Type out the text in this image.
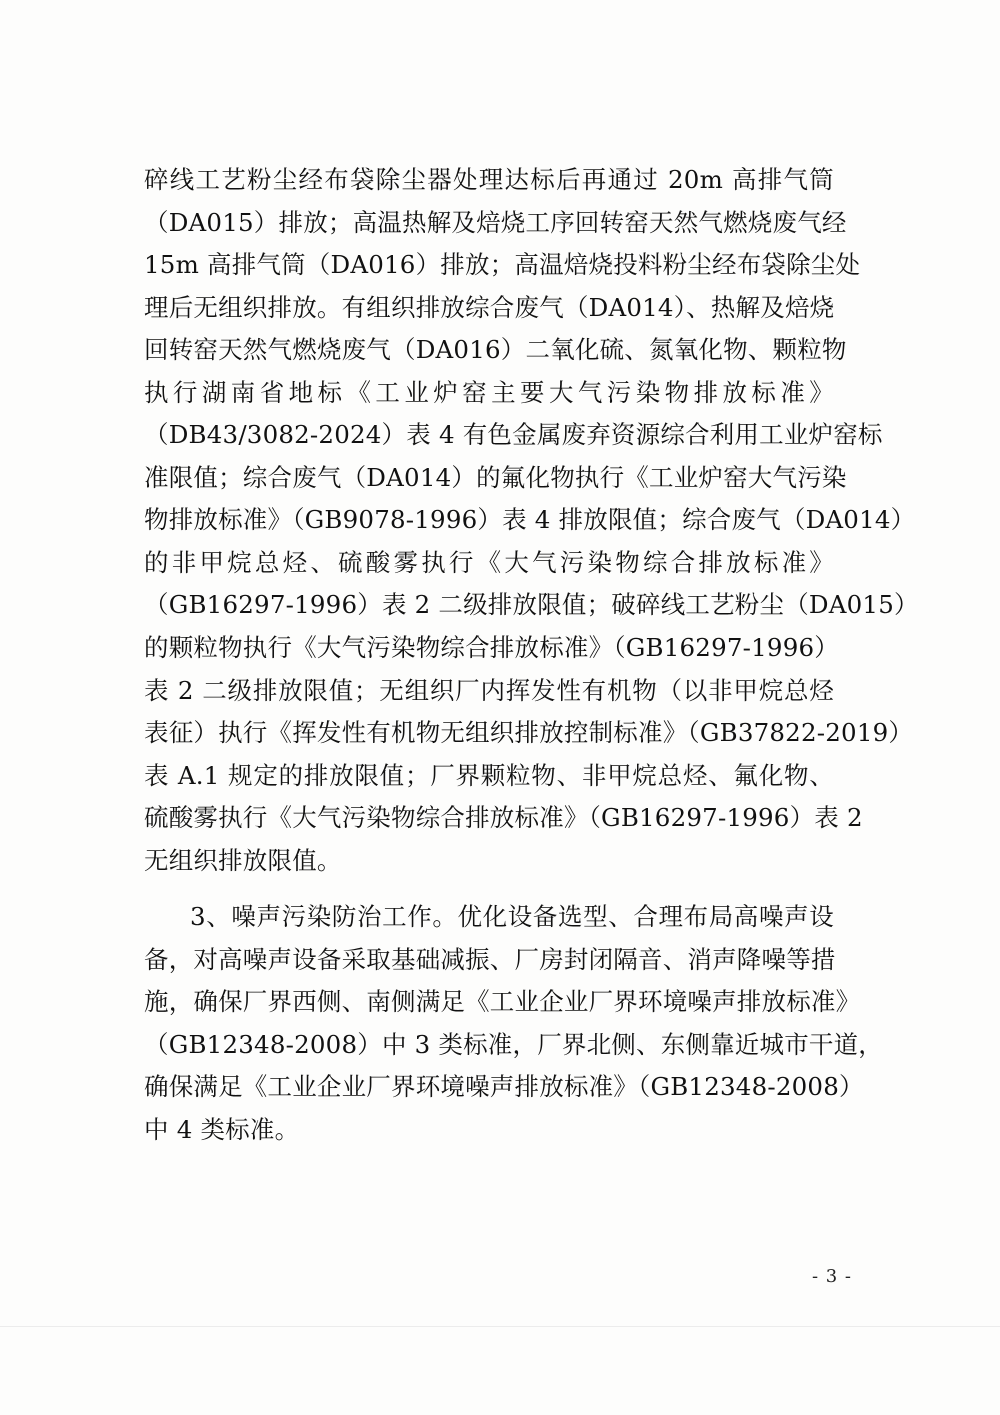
碎线工艺粉尘经布袋除尘器处理达标后再通过 20m 高排气筒
（DA015）排放；高温热解及焙烧工序回转窑天然气燃烧废气经
15m 高排气筒（DA016）排放；高温焙烧投料粉尘经布袋除尘处
理后无组织排放。有组织排放综合废气（DA014）、热解及焙烧
回转窑天然气燃烧废气（DA016）二氧化硫、氮氧化物、颗粒物
执行湖南省地标《工业炉窑主要大气污染物排放标准》
（DB43/3082-2024）表 4 有色金属废弃资源综合利用工业炉窑标
准限值；综合废气（DA014）的氟化物执行《工业炉窑大气污染
物排放标准》（GB9078-1996）表 4 排放限值；综合废气（DA014）
的非甲烷总烃、硫酸雾执行《大气污染物综合排放标准》
（GB16297-1996）表 2 二级排放限值；破碎线工艺粉尘（DA015）
的颗粒物执行《大气污染物综合排放标准》（GB16297-1996）
表 2 二级排放限值；无组织厂内挥发性有机物（以非甲烷总烃
表征）执行《挥发性有机物无组织排放控制标准》（GB37822-2019）
表 A.1 规定的排放限值；厂界颗粒物、非甲烷总烃、氟化物、
硫酸雾执行《大气污染物综合排放标准》（GB16297-1996）表 2
无组织排放限值。
3、噪声污染防治工作。优化设备选型、合理布局高噪声设
备，对高噪声设备采取基础减振、厂房封闭隔音、消声降噪等措
施，确保厂界西侧、南侧满足《工业企业厂界环境噪声排放标准》
（GB12348-2008）中 3 类标准，厂界北侧、东侧靠近城市干道，
确保满足《工业企业厂界环境噪声排放标准》（GB12348-2008）
中 4 类标准。
- 3 -
